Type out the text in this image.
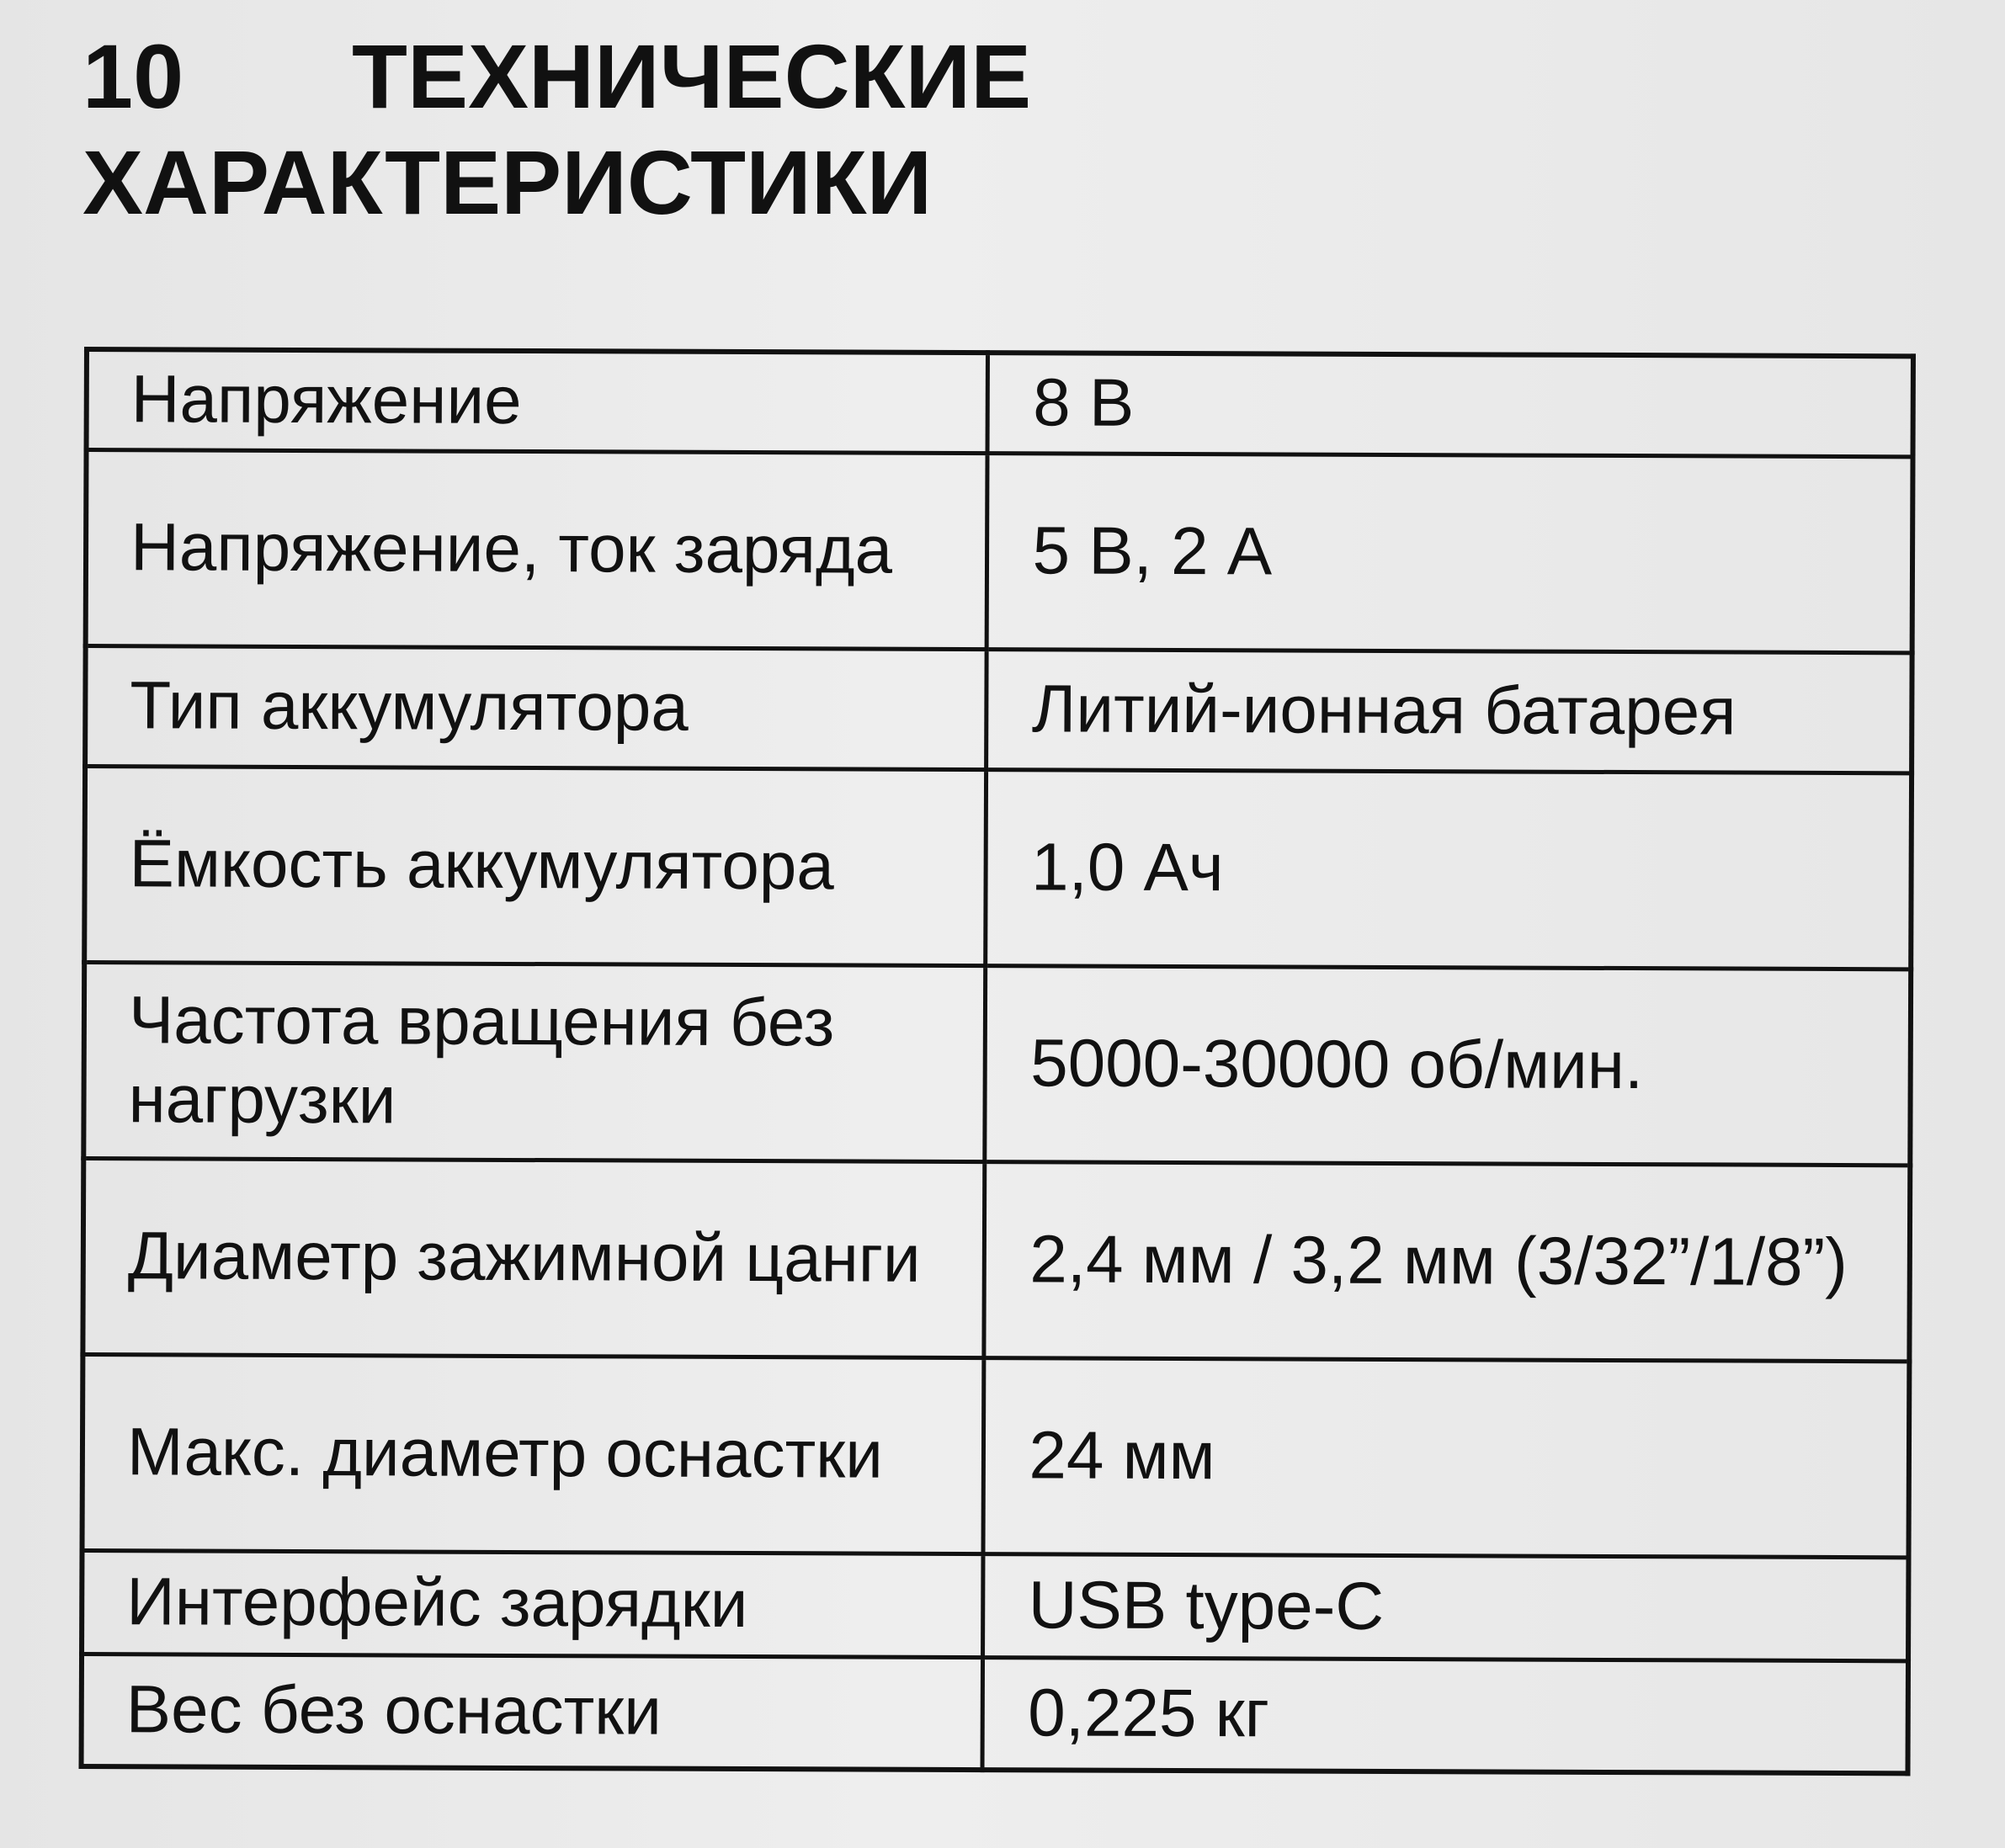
10 ТЕХНИЧЕСКИЕ
ХАРАКТЕРИСТИКИ
Напряжение	8 В
Напряжение, ток заряда	5 В, 2 А
Тип аккумулятора	Литий-ионная батарея
Ёмкость аккумулятора	1,0 Ач
Частота вращения без нагрузки	5000-30000 об/мин.
Диаметр зажимной цанги	2,4 мм / 3,2 мм (3/32”/1/8”)
Макс. диаметр оснастки	24 мм
Интерфейс зарядки	USB type-C
Вес без оснастки	0,225 кг
